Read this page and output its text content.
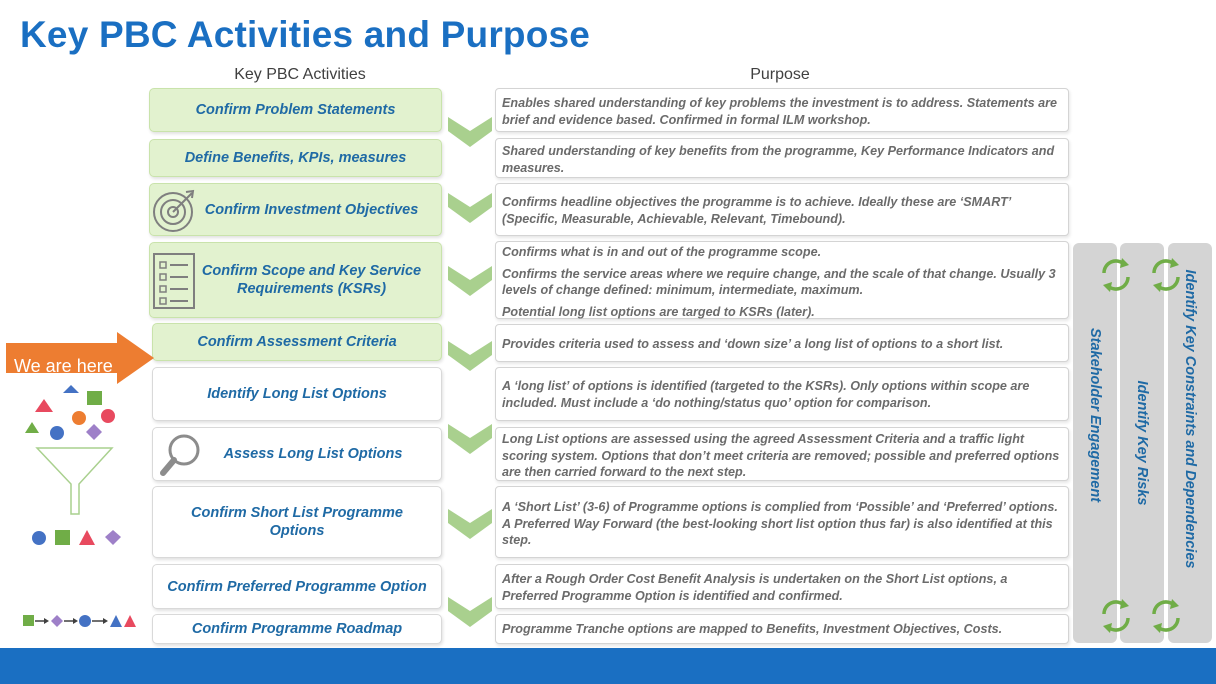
Key PBC Activities and Purpose
Key PBC Activities	Purpose
Confirm Problem Statements
Define Benefits, KPIs, measures
Confirm Investment Objectives
Confirm Scope and Key Service Requirements (KSRs)
Confirm Assessment Criteria
Identify Long List Options
Assess Long List Options
Confirm Short List Programme Options
Confirm Preferred Programme Option
Confirm Programme Roadmap

Enables shared understanding of key problems the investment is to address. Statements are brief and evidence based. Confirmed in formal ILM workshop.

Shared understanding of key benefits from the programme, Key Performance Indicators and measures.

Confirms headline objectives the programme is to achieve. Ideally these are ‘SMART’ (Specific, Measurable, Achievable, Relevant, Timebound).

Confirms what is in and out of the programme scope.

Confirms the service areas where we require change, and the scale of that change. Usually 3 levels of change defined: minimum, intermediate, maximum.

Potential long list options are targed to KSRs (later).

Provides criteria used to assess and ‘down size’ a long list of options to a short list.

A ‘long list’ of options is identified (targeted to the KSRs). Only options within scope are included. Must include a ‘do nothing/status quo’ option for comparison.

Long List options are assessed using the agreed Assessment Criteria and a traffic light scoring system. Options that don’t meet criteria are removed; possible and preferred options are then carried forward to the next step.

A ‘Short List’ (3-6) of Programme options is complied from ‘Possible’ and ‘Preferred’ options. A Preferred Way Forward (the best-looking short list option thus far) is also identified at this step.

After a Rough Order Cost Benefit Analysis is undertaken on the Short List options, a Preferred Programme Option is identified and confirmed.

Programme Tranche options are mapped to Benefits, Investment Objectives, Costs.

Stakeholder Engagement Identify Key Risks Identify Key Constraints and Dependencies
We are here
